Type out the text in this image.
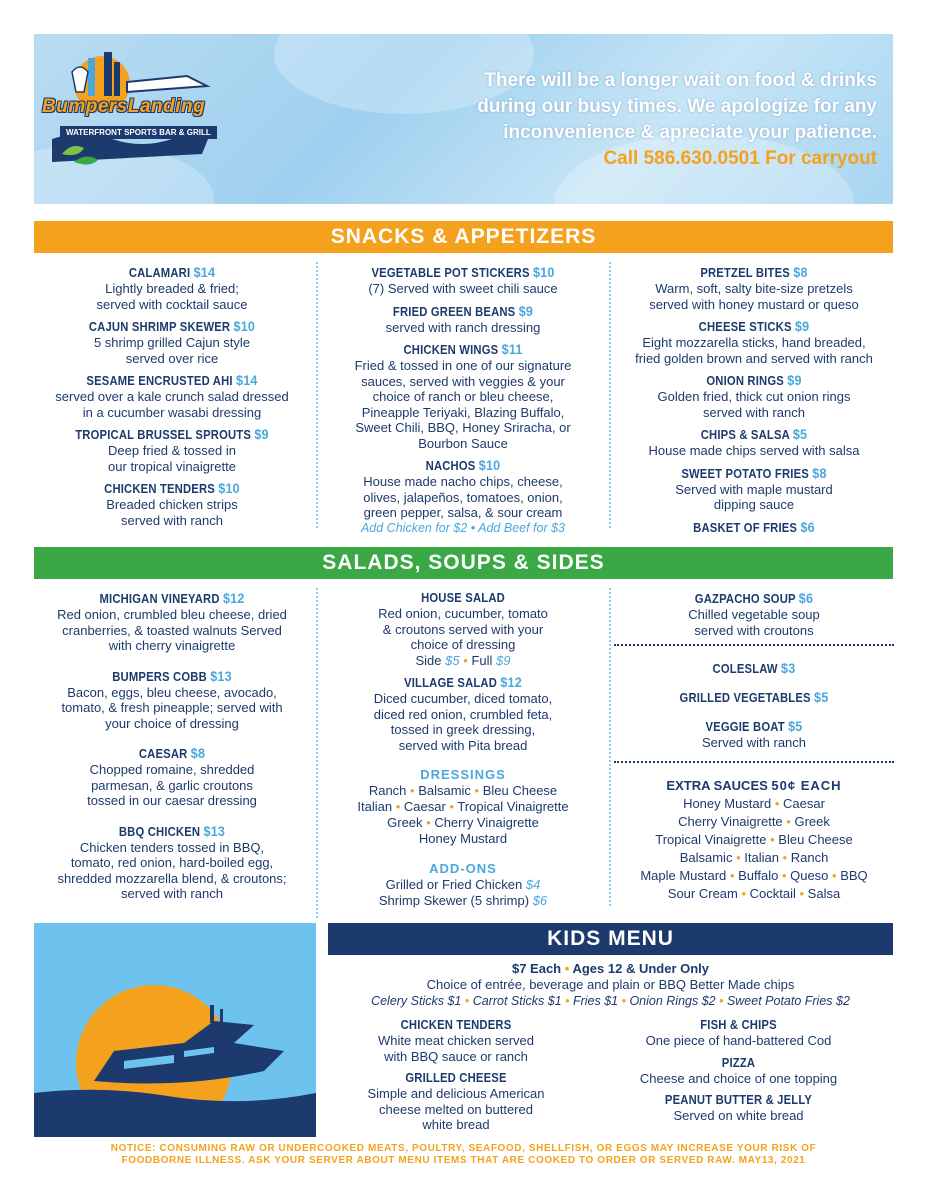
BumpersLanding
WATERFRONT SPORTS BAR & GRILL
There will be a longer wait on food & drinks
during our busy times. We apologize for any
inconvenience & apreciate your patience.
Call 586.630.0501 For carryout
SNACKS & APPETIZERS
CALAMARI $14
Lightly breaded & fried;
served with cocktail sauce
CAJUN SHRIMP SKEWER $10
5 shrimp grilled Cajun style
served over rice
SESAME ENCRUSTED AHI $14
served over a kale crunch salad dressed
in a cucumber wasabi dressing
TROPICAL BRUSSEL SPROUTS $9
Deep fried & tossed in
our tropical vinaigrette
CHICKEN TENDERS $10
Breaded chicken strips
served with ranch
VEGETABLE POT STICKERS $10
(7) Served with sweet chili sauce
FRIED GREEN BEANS $9
served with ranch dressing
CHICKEN WINGS $11
Fried & tossed in one of our signature
sauces, served with veggies & your
choice of ranch or bleu cheese,
Pineapple Teriyaki, Blazing Buffalo,
Sweet Chili, BBQ, Honey Sriracha, or
Bourbon Sauce
NACHOS $10
House made nacho chips, cheese,
olives, jalapeños, tomatoes, onion,
green pepper, salsa, & sour cream
Add Chicken for $2 • Add Beef for $3
PRETZEL BITES $8
Warm, soft, salty bite-size pretzels
served with honey mustard or queso
CHEESE STICKS $9
Eight mozzarella sticks, hand breaded,
fried golden brown and served with ranch
ONION RINGS $9
Golden fried, thick cut onion rings
served with ranch
CHIPS & SALSA $5
House made chips served with salsa
SWEET POTATO FRIES $8
Served with maple mustard
dipping sauce
BASKET OF FRIES $6
SALADS, SOUPS & SIDES
MICHIGAN VINEYARD $12
Red onion, crumbled bleu cheese, dried
cranberries, & toasted walnuts Served
with cherry vinaigrette
BUMPERS COBB $13
Bacon, eggs, bleu cheese, avocado,
tomato, & fresh pineapple; served with
your choice of dressing
CAESAR $8
Chopped romaine, shredded
parmesan, & garlic croutons
tossed in our caesar dressing
BBQ CHICKEN $13
Chicken tenders tossed in BBQ,
tomato, red onion, hard-boiled egg,
shredded mozzarella blend, & croutons;
served with ranch
HOUSE SALAD
Red onion, cucumber, tomato
& croutons served with your
choice of dressing
Side $5 • Full $9
VILLAGE SALAD $12
Diced cucumber, diced tomato,
diced red onion, crumbled feta,
tossed in greek dressing,
served with Pita bread
DRESSINGS
Ranch • Balsamic • Bleu Cheese
Italian • Caesar • Tropical Vinaigrette
Greek • Cherry Vinaigrette
Honey Mustard
ADD-ONS
Grilled or Fried Chicken $4
Shrimp Skewer (5 shrimp) $6
GAZPACHO SOUP $6
Chilled vegetable soup
served with croutons
COLESLAW $3
GRILLED VEGETABLES $5
VEGGIE BOAT $5
Served with ranch
EXTRA SAUCES 50¢ EACH
Honey Mustard • Caesar
Cherry Vinaigrette • Greek
Tropical Vinaigrette • Bleu Cheese
Balsamic • Italian • Ranch
Maple Mustard • Buffalo • Queso • BBQ
Sour Cream • Cocktail • Salsa
KIDS MENU
$7 Each • Ages 12 & Under Only
Choice of entrée, beverage and plain or BBQ Better Made chips
Celery Sticks $1 • Carrot Sticks $1 • Fries $1 • Onion Rings $2 • Sweet Potato Fries $2
CHICKEN TENDERS
White meat chicken served
with BBQ sauce or ranch
GRILLED CHEESE
Simple and delicious American
cheese melted on buttered
white bread
FISH & CHIPS
One piece of hand-battered Cod
PIZZA
Cheese and choice of one topping
PEANUT BUTTER & JELLY
Served on white bread
NOTICE: CONSUMING RAW OR UNDERCOOKED MEATS, POULTRY, SEAFOOD, SHELLFISH, OR EGGS MAY INCREASE YOUR RISK OF
FOODBORNE ILLNESS. ASK YOUR SERVER ABOUT MENU ITEMS THAT ARE COOKED TO ORDER OR SERVED RAW. MAY13, 2021
